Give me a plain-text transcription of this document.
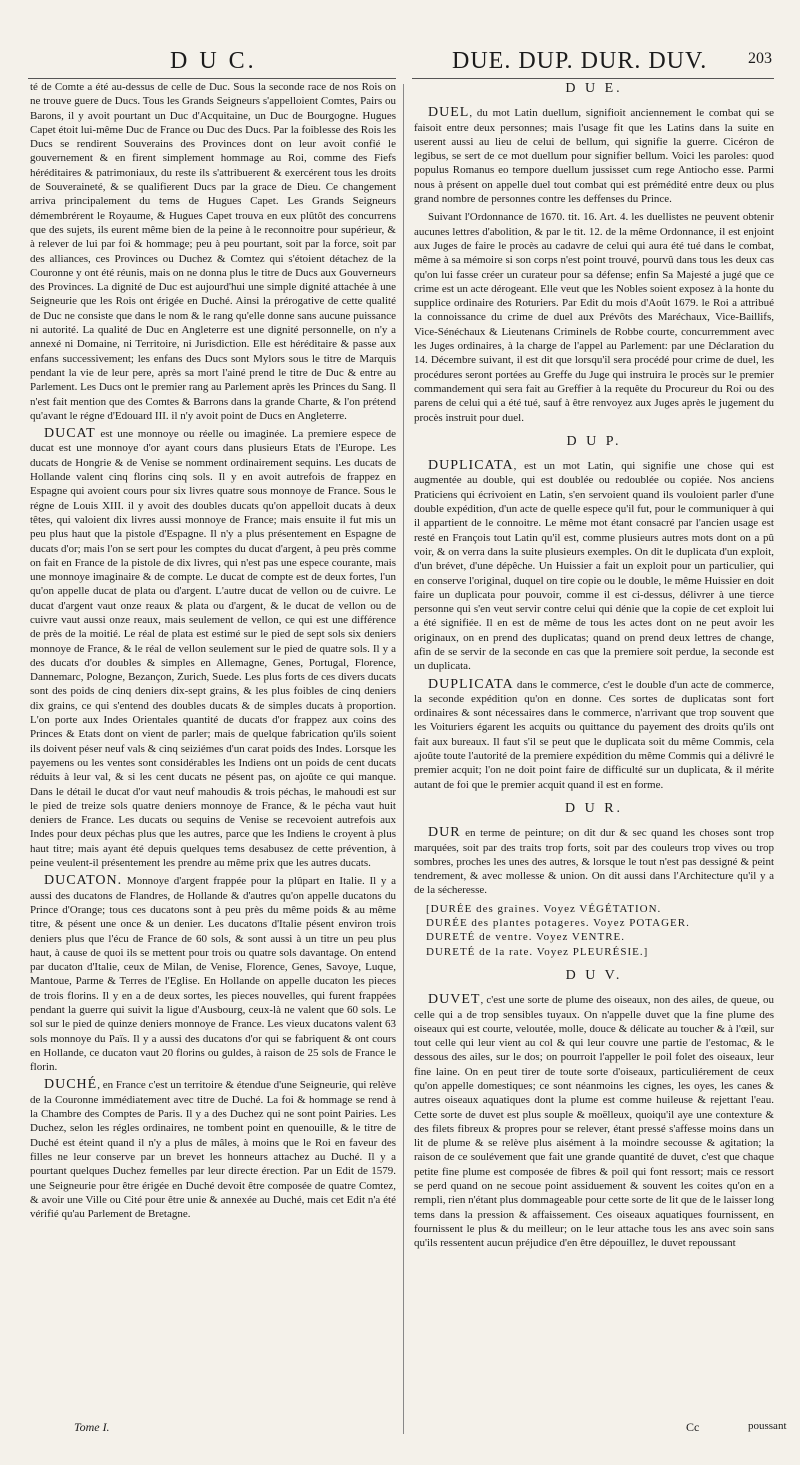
D U C.	DUE. DUP. DUR. DUV.	203

té de Comte a été au-dessus de celle de Duc. Sous la seconde race de nos Rois on ne trouve guere de Ducs. Tous les Grands Seigneurs s'appelloient Comtes, Pairs ou Barons, il y avoit pourtant un Duc d'Acquitaine, un Duc de Bourgogne. Hugues Capet étoit lui-même Duc de France ou Duc des Ducs. Par la foiblesse des Rois les Ducs se rendirent Souverains des Provinces dont on leur avoit confié le gouvernement & en firent simplement hommage au Roi, comme des Fiefs héréditaires & patrimoniaux, du reste ils s'attribuerent & exercérent tous les droits de Souveraineté, & se qualifierent Ducs par la grace de Dieu. Ce changement arriva principalement du tems de Hugues Capet. Les Grands Seigneurs démembrérent le Royaume, & Hugues Capet trouva en eux plûtôt des concurrens que des sujets, ils eurent même bien de la peine à le reconnoitre pour supérieur, & à relever de lui par foi & hommage; peu à peu pourtant, soit par la force, soit par des alliances, ces Provinces ou Duchez & Comtez qui s'étoient détachez de la Couronne y ont été réunis, mais on ne donna plus le titre de Ducs aux Gouverneurs des Provinces. La dignité de Duc est aujourd'hui une simple dignité attachée à une Seigneurie que les Rois ont érigée en Duché. Ainsi la prérogative de cette qualité de Duc ne consiste que dans le nom & le rang qu'elle donne sans aucune puissance ni autorité. La qualité de Duc en Angleterre est une dignité personnelle, on n'y a annexé ni Domaine, ni Territoire, ni Jurisdiction. Elle est héréditaire & passe aux enfans successivement; les enfans des Ducs sont Mylors sous le titre de Marquis pendant la vie de leur pere, après sa mort l'ainé prend le titre de Duc & entre au Parlement. Les Ducs ont le premier rang au Parlement après les Princes du Sang. Il n'est fait mention que des Comtes & Barrons dans la grande Charte, & l'on prétend qu'avant le régne d'Edouard III. il n'y avoit point de Ducs en Angleterre.

DUCAT est une monnoye ou réelle ou imaginée. La premiere espece de ducat est une monnoye d'or ayant cours dans plusieurs Etats de l'Europe. Les ducats de Hongrie & de Venise se nomment ordinairement sequins. Les ducats de Hollande valent cinq florins cinq sols. Il y en avoit autrefois de frappez en Espagne qui avoient cours pour six livres quatre sous monnoye de France. Sous le régne de Louis XIII. il y avoit des doubles ducats qu'on appelloit ducats à deux têtes, qui valoient dix livres aussi monnoye de France; mais ensuite il fut mis un peu plus haut que la pistole d'Espagne. Il n'y a plus présentement en Espagne de ducats d'or; mais l'on se sert pour les comptes du ducat d'argent, à peu près comme on fait en France de la pistole de dix livres, qui n'est pas une espece courante, mais une monnoye imaginaire & de compte. Le ducat de compte est de deux fortes, l'un qu'on appelle ducat de plata ou d'argent. L'autre ducat de vellon ou de cuivre. Le ducat d'argent vaut onze reaux & plata ou d'argent, & le ducat de vellon ou de cuivre vaut aussi onze reaux, mais seulement de vellon, ce qui est une différence de près de la moitié. Le réal de plata est estimé sur le pied de sept sols six deniers monnoye de France, & le réal de vellon seulement sur le pied de quatre sols. Il y a des ducats d'or doubles & simples en Allemagne, Genes, Portugal, Florence, Dannemarc, Pologne, Bezançon, Zurich, Suede. Les plus forts de ces divers ducats sont des poids de cinq deniers dix-sept grains, & les plus foibles de cinq deniers dix grains, ce qui s'entend des doubles ducats & de simples ducats à proportion. L'on porte aux Indes Orientales quantité de ducats d'or frappez aux coins des Princes & Etats dont on vient de parler; mais de quelque fabrication qu'ils soient ils doivent péser neuf vals & cinq seiziémes d'un carat poids des Indes. Lorsque les payemens ou les ventes sont considérables les Indiens ont un poids de cent ducats réduits à leur val, & si les cent ducats ne pésent pas, on ajoûte ce qui manque. Dans le détail le ducat d'or vaut neuf mahoudis & trois péchas, le mahoudi est sur le pied de treize sols quatre deniers monnoye de France, & le pécha vaut huit deniers de France. Les ducats ou sequins de Venise se recevoient autrefois aux Indes pour deux péchas plus que les autres, parce que les Indiens le croyent à plus haut titre; mais ayant été depuis quelques tems desabusez de cette prévention, à peine veulent-il présentement les prendre au même prix que les autres ducats.

DUCATON. Monnoye d'argent frappée pour la plûpart en Italie. Il y a aussi des ducatons de Flandres, de Hollande & d'autres qu'on appelle ducatons du Prince d'Orange; tous ces ducatons sont à peu près du même poids & au même titre, & pésent une once & un denier. Les ducatons d'Italie pésent environ trois deniers plus que l'écu de France de 60 sols, & sont aussi à un titre un peu plus haut, à cause de quoi ils se mettent pour trois ou quatre sols davantage. On entend par ducaton d'Italie, ceux de Milan, de Venise, Florence, Genes, Savoye, Luque, Mantoue, Parme & Terres de l'Eglise. En Hollande on appelle ducaton les pieces de trois florins. Il y en a de deux sortes, les pieces nouvelles, qui furent frappées pendant la guerre qui suivit la ligue d'Ausbourg, ceux-là ne valent que 60 sols. Le sol sur le pied de quinze deniers monnoye de France. Les vieux ducatons valent 63 sols monnoye du Païs. Il y a aussi des ducatons d'or qui se fabriquent & ont cours en Hollande, ce ducaton vaut 20 florins ou guldes, à raison de 25 sols de France le florin.

DUCHÉ, en France c'est un territoire & étendue d'une Seigneurie, qui relève de la Couronne immédiatement avec titre de Duché. La foi & hommage se rend à la Chambre des Comptes de Paris. Il y a des Duchez qui ne sont point Pairies. Les Duchez, selon les régles ordinaires, ne tombent point en quenouille, & le titre de Duché est éteint quand il n'y a plus de mâles, à moins que le Roi en faveur des filles ne leur conserve par un brevet les honneurs attachez au Duché. Il y a pourtant quelques Duchez femelles par leur directe érection. Par un Edit de 1579. une Seigneurie pour être érigée en Duché devoit être composée de quatre Comtez, & avoir une Ville ou Cité pour être unie & annexée au Duché, mais cet Edit n'a été vérifié qu'au Parlement de Bretagne.

D U E.

DUEL, du mot Latin duellum, signifioit anciennement le combat qui se faisoit entre deux personnes; mais l'usage fit que les Latins dans la suite en userent aussi au lieu de celui de bellum, qui signifie la guerre. Cicéron de legibus, se sert de ce mot duellum pour signifier bellum. Voici les paroles: quod populus Romanus eo tempore duellum jussisset cum rege Antiocho esse. Parmi nous à présent on appelle duel tout combat qui est prémédité entre deux ou plus grand nombre de personnes contre les deffenses du Prince.

Suivant l'Ordonnance de 1670. tit. 16. Art. 4. les duellistes ne peuvent obtenir aucunes lettres d'abolition, & par le tit. 12. de la même Ordonnance, il est enjoint aux Juges de faire le procès au cadavre de celui qui aura été tué dans le combat, même à sa mémoire si son corps n'est point trouvé, pourvû dans tous les deux cas qu'on lui fasse créer un curateur pour sa défense; enfin Sa Majesté a jugé que ce crime est un acte dérogeant. Elle veut que les Nobles soient exposez à la honte du supplice ordinaire des Roturiers. Par Edit du mois d'Août 1679. le Roi a attribué la connoissance du crime de duel aux Prévôts des Maréchaux, Vice-Baillifs, Vice-Sénéchaux & Lieutenans Criminels de Robbe courte, concurremment avec les Juges ordinaires, à la charge de l'appel au Parlement: par une Déclaration du 14. Décembre suivant, il est dit que lorsqu'il sera procédé pour crime de duel, les procédures seront portées au Greffe du Juge qui instruira le procès sur le premier commandement qui sera fait au Greffier à la requête du Procureur du Roi ou des parens de celui qui a été tué, sauf à être renvoyez aux Juges après le jugement du procès instruit pour duel.

D U P.

DUPLICATA, est un mot Latin, qui signifie une chose qui est augmentée au double, qui est doublée ou redoublée ou copiée. Nos anciens Praticiens qui écrivoient en Latin, s'en servoient quand ils vouloient parler d'une double expédition, d'un acte de quelle espece qu'il fut, pour le communiquer à qui il appartient de le connoitre. Le même mot étant consacré par l'ancien usage est resté en François tout Latin qu'il est, comme plusieurs autres mots dont on a pû voir, & on verra dans la suite plusieurs exemples. On dit le duplicata d'un exploit, d'un brévet, d'une dépêche. Un Huissier a fait un exploit pour un particulier, qui en conserve l'original, duquel on tire copie ou le double, le même Huissier en doit faire un duplicata pour pouvoir, comme il est ci-dessus, délivrer à une tierce personne qui s'en veut servir contre celui qui dénie que la copie de cet exploit lui a été signifiée. Il en est de même de tous les actes dont on ne peut avoir les originaux, on en prend des duplicatas; quand on prend deux lettres de change, afin de se servir de la seconde en cas que la premiere soit perdue, la seconde est un duplicata.

DUPLICATA dans le commerce, c'est le double d'un acte de commerce, la seconde expédition qu'on en donne. Ces sortes de duplicatas sont fort ordinaires & sont nécessaires dans le commerce, n'arrivant que trop souvent que les Voituriers égarent les acquits ou quittance du payement des droits qu'ils ont fait aux bureaux. Il faut s'il se peut que le duplicata soit du même Commis, cela ajoûte toute l'autorité de la premiere expédition du même Commis qui a délivré le premier acquit; l'on ne doit point faire de difficulté sur un duplicata, & il mérite autant de foi que le premier acquit quand il est en forme.

D U R.

DUR en terme de peinture; on dit dur & sec quand les choses sont trop marquées, soit par des traits trop forts, soit par des couleurs trop vives ou trop sombres, proches les unes des autres, & lorsque le tout n'est pas dessigné & peint tendrement, & avec mollesse & union. On dit aussi dans l'Architecture qu'il y a de la sécheresse.

[DURÉE des graines. Voyez VÉGÉTATION.
DURÉE des plantes potageres. Voyez POTAGER.
DURETÉ de ventre. Voyez VENTRE.
DURETÉ de la rate. Voyez PLEURÉSIE.]
D U V.

DUVET, c'est une sorte de plume des oiseaux, non des ailes, de queue, ou celle qui a de trop sensibles tuyaux. On n'appelle duvet que la fine plume des oiseaux qui est courte, veloutée, molle, douce & délicate au toucher & à l'œil, sur tout celle qui leur vient au col & qui leur couvre une partie de l'estomac, & le dessous des ailes, sur le dos; on pourroit l'appeller le poil folet des oiseaux, leur fine laine. On en peut tirer de toute sorte d'oiseaux, particuliérement de ceux qu'on appelle domestiques; ce sont néanmoins les cignes, les oyes, les canes & autres oiseaux aquatiques dont la plume est comme huileuse & rejettant l'eau. Cette sorte de duvet est plus souple & moëlleux, quoiqu'il aye une contexture & des filets fibreux & propres pour se relever, étant pressé s'affesse moins dans un lit de plume & se relève plus aisément à la moindre secousse & agitation; la raison de ce soulévement que fait une grande quantité de duvet, c'est que chaque petite fine plume est composée de fibres & poil qui font ressort; mais ce ressort se perd quand on ne secoue point assiduement & souvent les coites qu'on en a rempli, rien n'étant plus dommageable pour cette sorte de lit que de le laisser long tems dans la pression & affaissement. Ces oiseaux aquatiques fournissent, en fournissent le plus & du meilleur; on le leur attache tous les ans avec soin sans qu'ils ressentent aucun préjudice d'en être dépouillez, le duvet repoussant

Tome I.	Cc	poussant
